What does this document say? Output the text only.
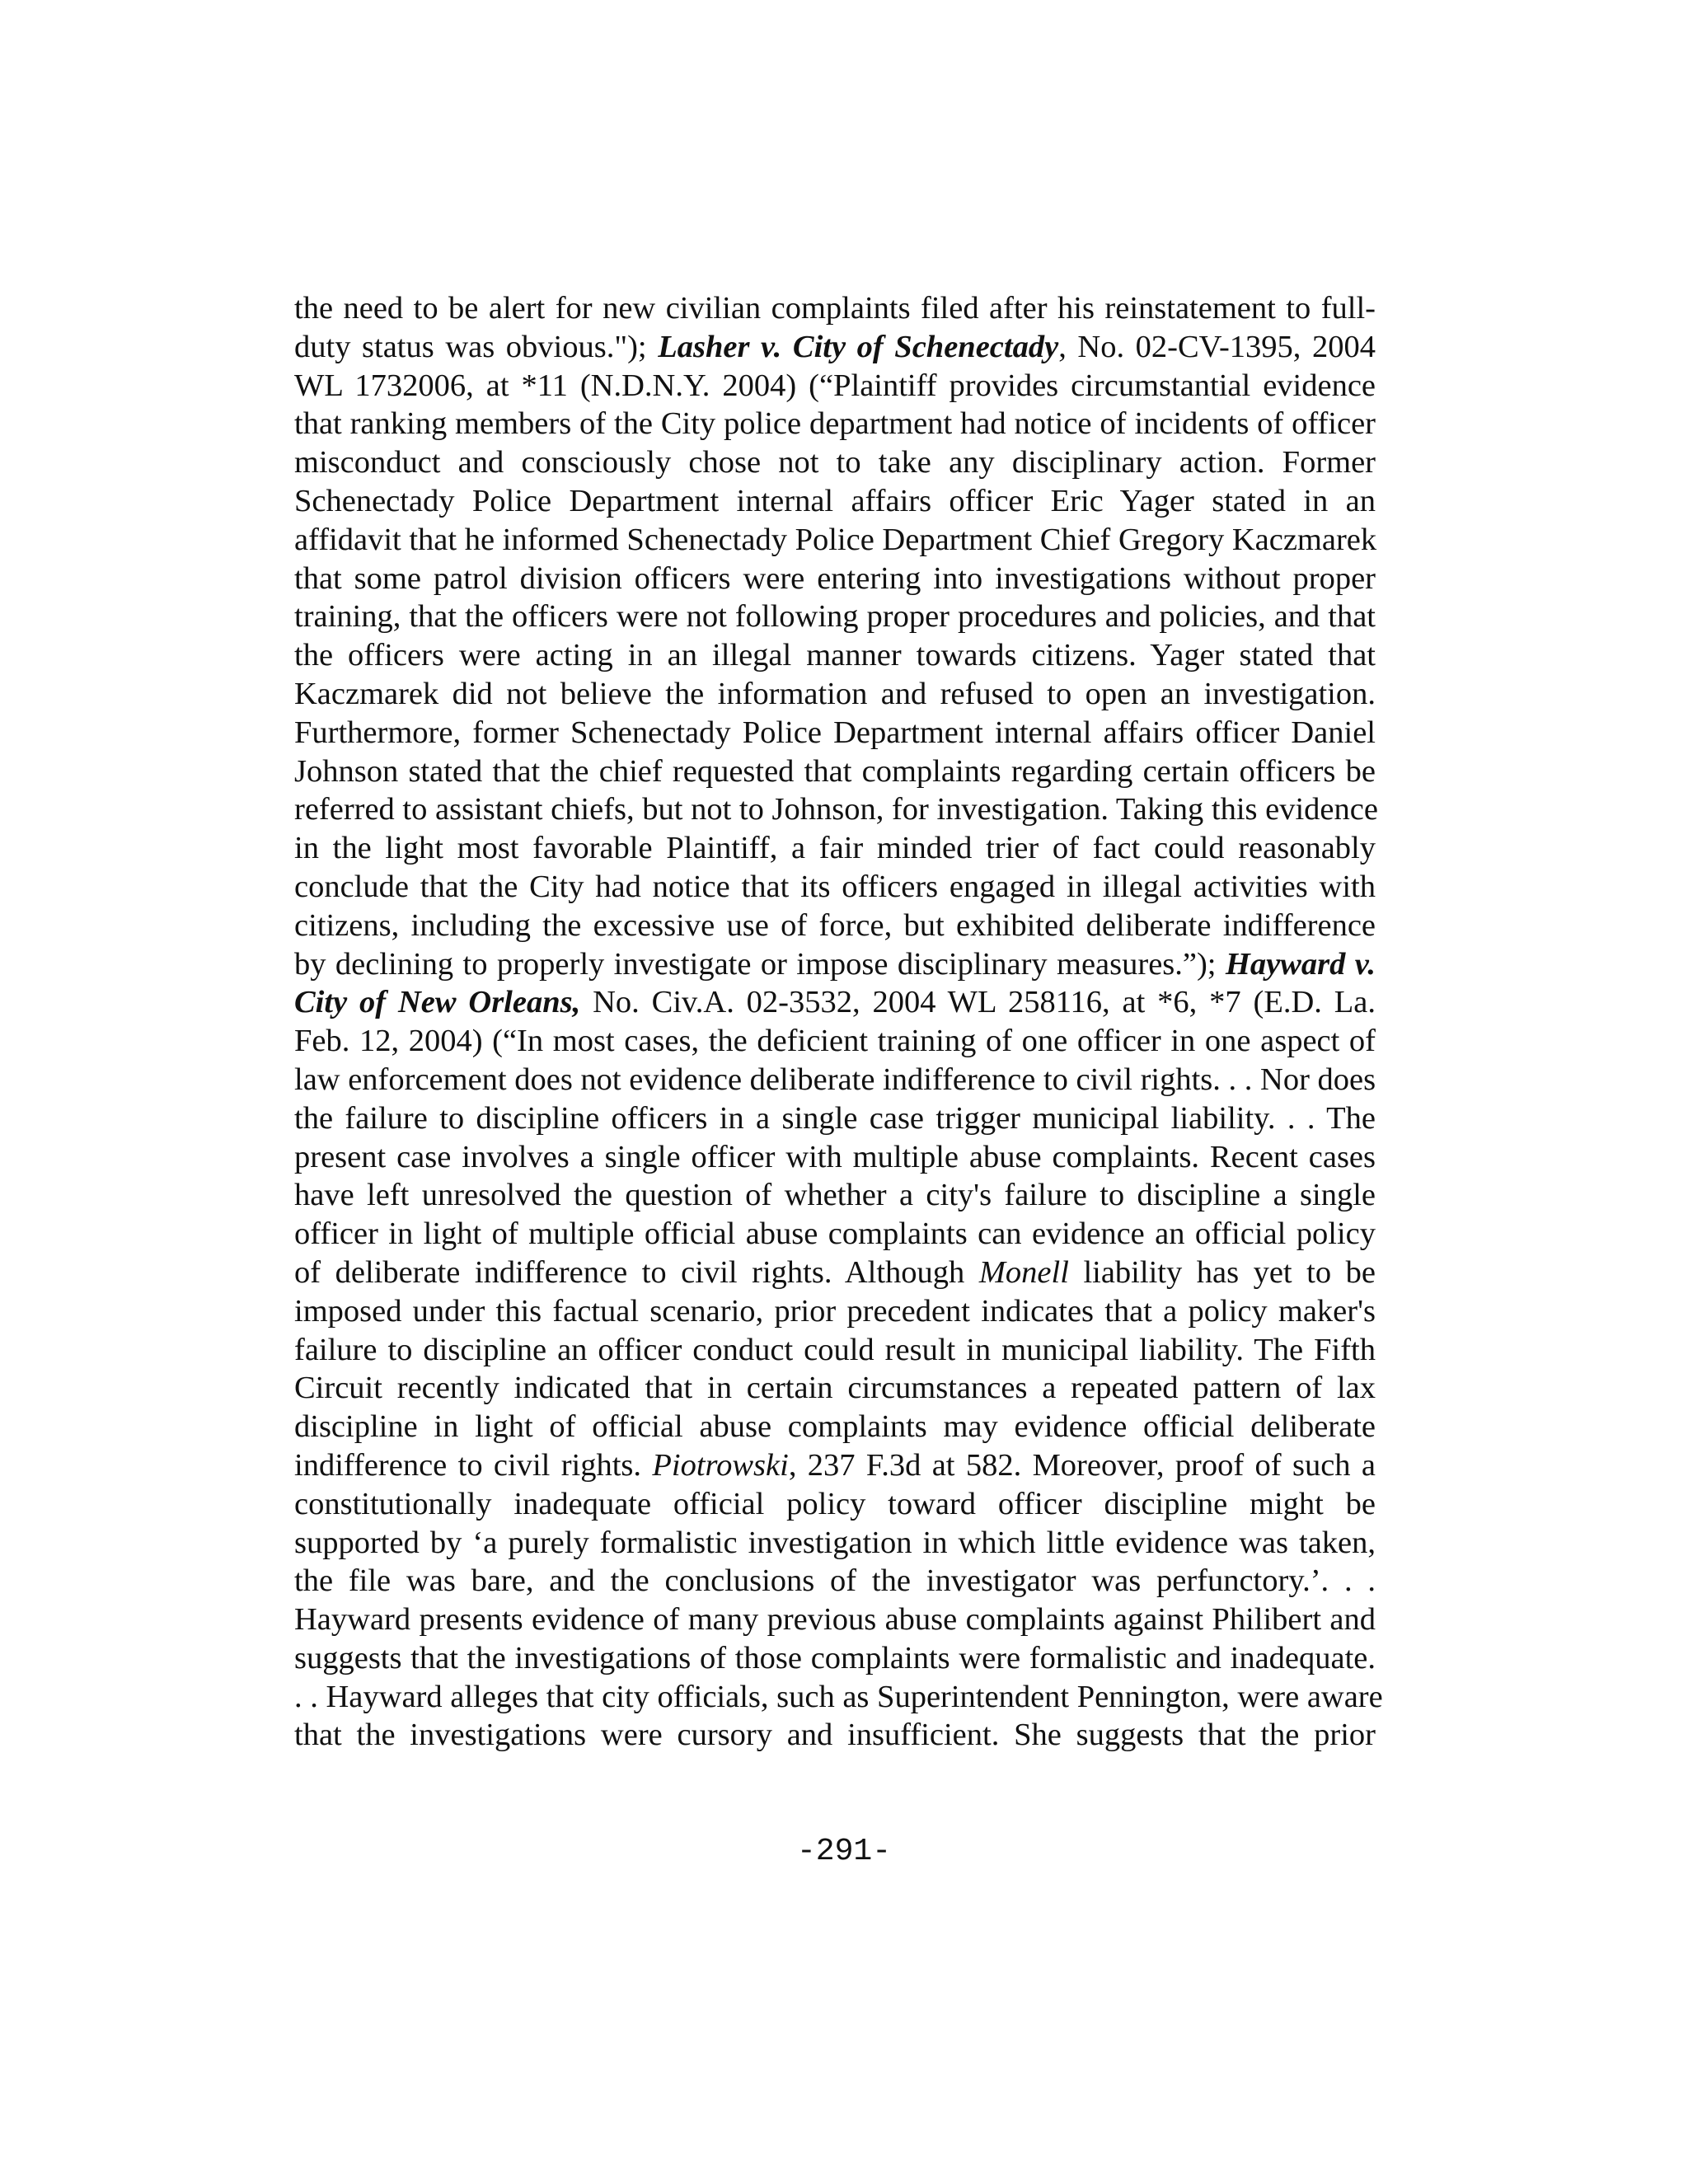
the need to be alert for new civilian complaints filed after his reinstatement to full-
duty status was obvious."); Lasher v. City of Schenectady, No. 02-CV-1395, 2004
WL 1732006, at *11 (N.D.N.Y. 2004) (“Plaintiff provides circumstantial evidence
that ranking members of the City police department had notice of incidents of officer
misconduct and consciously chose not to take any disciplinary action. Former
Schenectady Police Department internal affairs officer Eric Yager stated in an
affidavit that he informed Schenectady Police Department Chief Gregory Kaczmarek
that some patrol division officers were entering into investigations without proper
training, that the officers were not following proper procedures and policies, and that
the officers were acting in an illegal manner towards citizens. Yager stated that
Kaczmarek did not believe the information and refused to open an investigation.
Furthermore, former Schenectady Police Department internal affairs officer Daniel
Johnson stated that the chief requested that complaints regarding certain officers be
referred to assistant chiefs, but not to Johnson, for investigation. Taking this evidence
in the light most favorable Plaintiff, a fair minded trier of fact could reasonably
conclude that the City had notice that its officers engaged in illegal activities with
citizens, including the excessive use of force, but exhibited deliberate indifference
by declining to properly investigate or impose disciplinary measures.”); Hayward v.
City of New Orleans, No. Civ.A. 02-3532, 2004 WL 258116, at *6, *7 (E.D. La.
Feb. 12, 2004) (“In most cases, the deficient training of one officer in one aspect of
law enforcement does not evidence deliberate indifference to civil rights. . . Nor does
the failure to discipline officers in a single case trigger municipal liability. . . The
present case involves a single officer with multiple abuse complaints. Recent cases
have left unresolved the question of whether a city's failure to discipline a single
officer in light of multiple official abuse complaints can evidence an official policy
of deliberate indifference to civil rights. Although Monell liability has yet to be
imposed under this factual scenario, prior precedent indicates that a policy maker's
failure to discipline an officer conduct could result in municipal liability. The Fifth
Circuit recently indicated that in certain circumstances a repeated pattern of lax
discipline in light of official abuse complaints may evidence official deliberate
indifference to civil rights. Piotrowski, 237 F.3d at 582. Moreover, proof of such a
constitutionally inadequate official policy toward officer discipline might be
supported by ‘a purely formalistic investigation in which little evidence was taken,
the file was bare, and the conclusions of the investigator was perfunctory.’. . .
Hayward presents evidence of many previous abuse complaints against Philibert and
suggests that the investigations of those complaints were formalistic and inadequate.
. . Hayward alleges that city officials, such as Superintendent Pennington, were aware
that the investigations were cursory and insufficient. She suggests that the prior
-291-
